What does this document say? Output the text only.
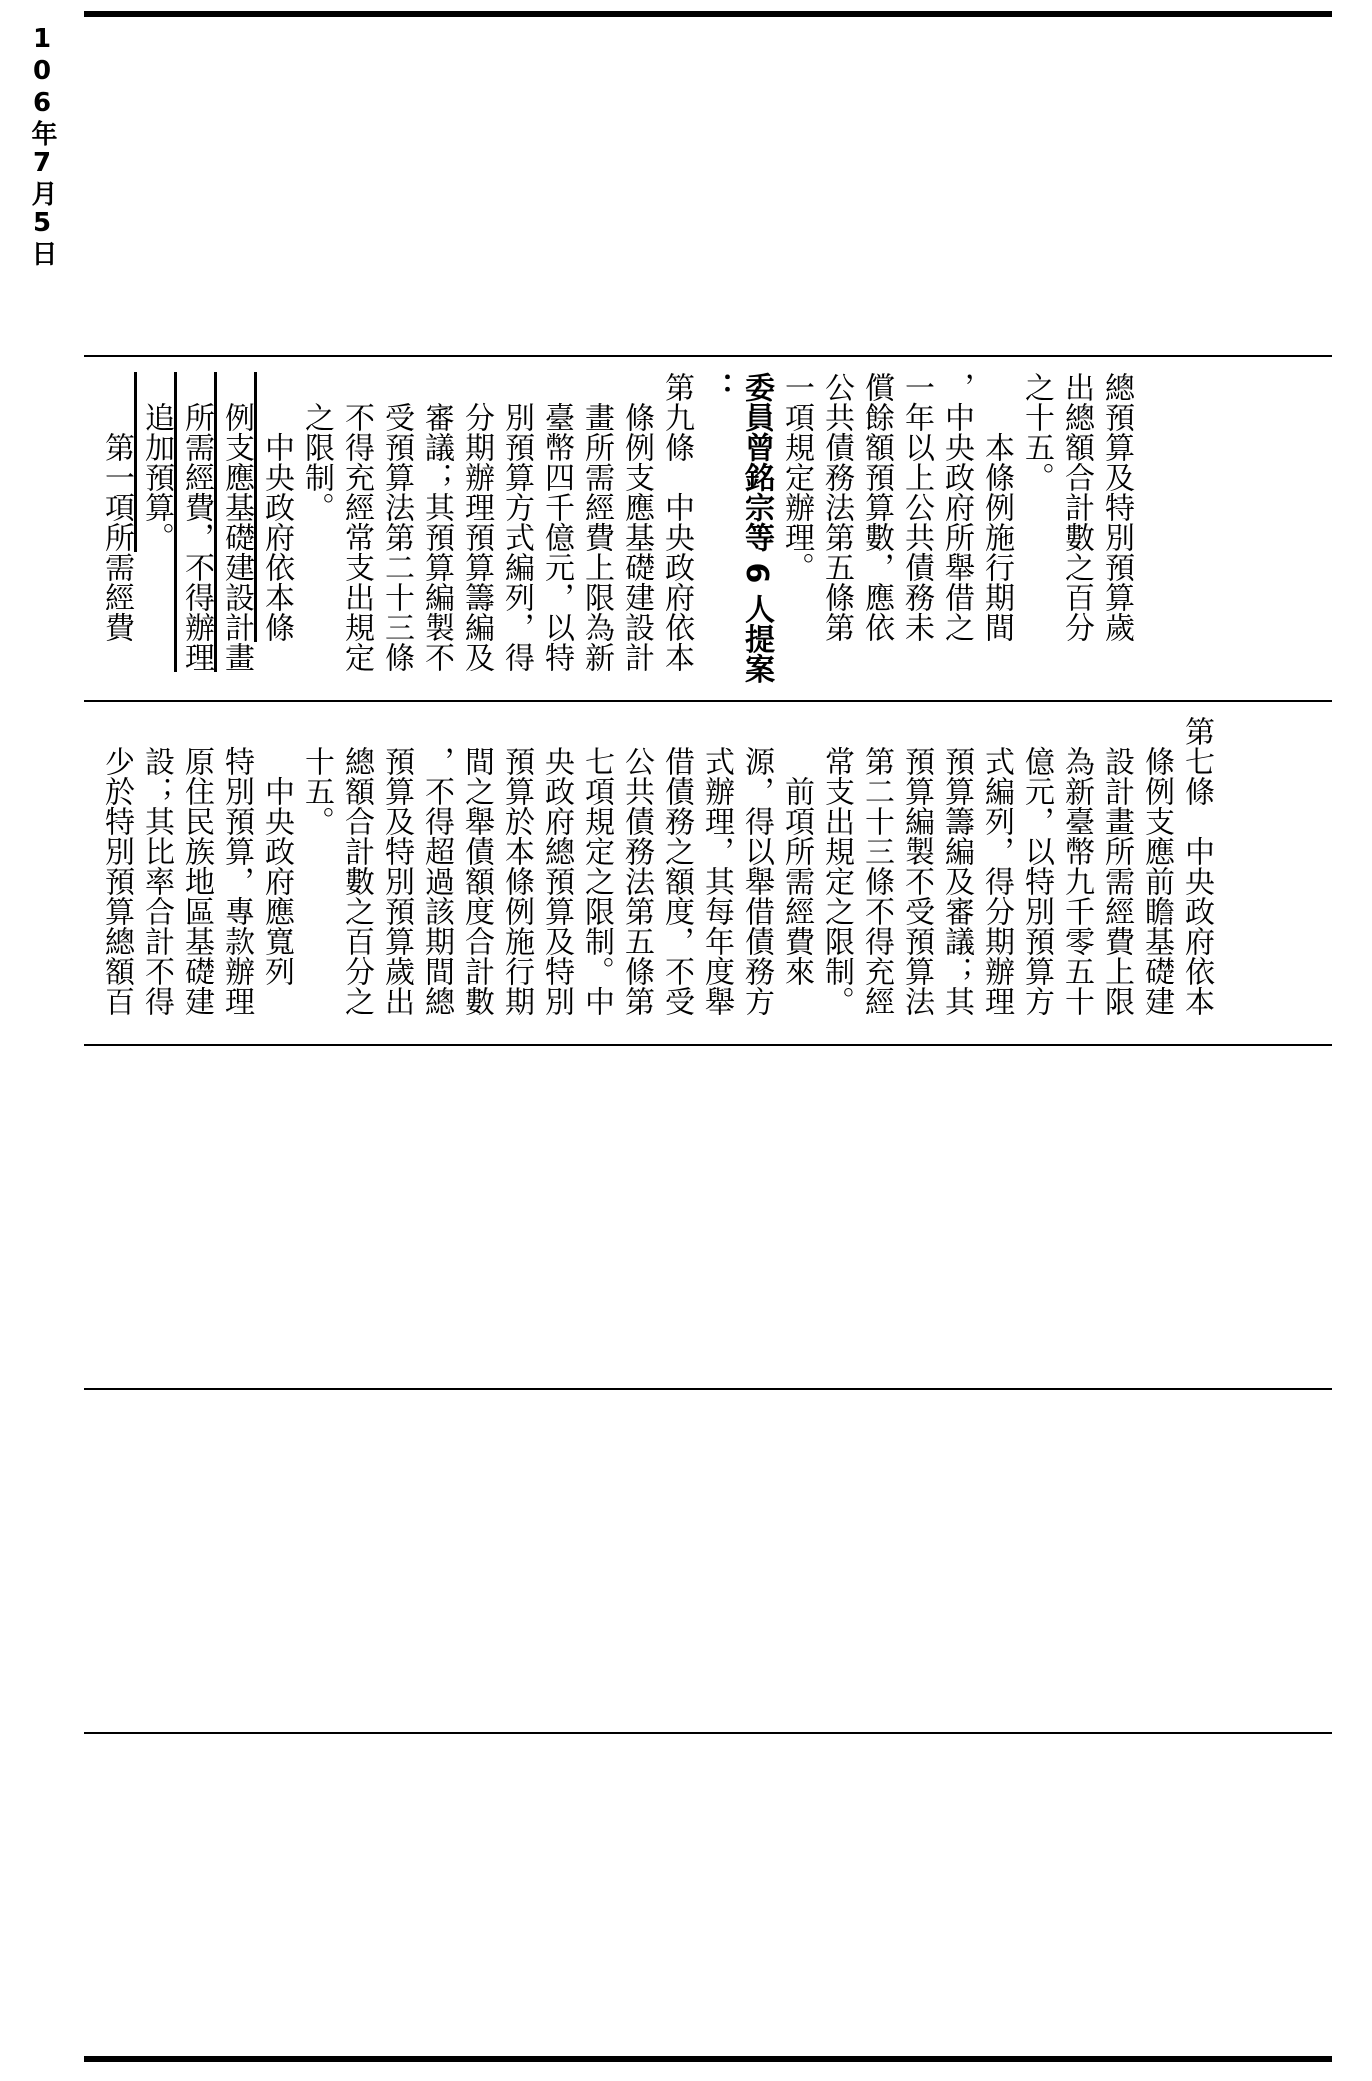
106年7月5日
總預算及特別預算歲
出總額合計數之百分
之十五。
　　本條例施行期間
，中央政府所舉借之
一年以上公共債務未
償餘額預算數，應依
公共債務法第五條第
一項規定辦理。
委員曾銘宗等 6 人提案
：
第九條　中央政府依本
　條例支應基礎建設計
　畫所需經費上限為新
　臺幣四千億元，以特
　別預算方式編列，得
　分期辦理預算籌編及
　審議；其預算編製不
　受預算法第二十三條
　不得充經常支出規定
　之限制。
　　中央政府依本條
　例支應基礎建設計畫
　所需經費，不得辦理
　追加預算。
　　第一項所需經費
第七條　中央政府依本
　條例支應前瞻基礎建
　設計畫所需經費上限
　為新臺幣九千零五十
　億元，以特別預算方
　式編列，得分期辦理
　預算籌編及審議；其
　預算編製不受預算法
　第二十三條不得充經
　常支出規定之限制。
　　前項所需經費來
　源，得以舉借債務方
　式辦理，其每年度舉
　借債務之額度，不受
　公共債務法第五條第
　七項規定之限制。中
　央政府總預算及特別
　預算於本條例施行期
　間之舉債額度合計數
　，不得超過該期間總
　預算及特別預算歲出
　總額合計數之百分之
　十五。
　　中央政府應寬列
　特別預算，專款辦理
　原住民族地區基礎建
　設；其比率合計不得
　少於特別預算總額百
